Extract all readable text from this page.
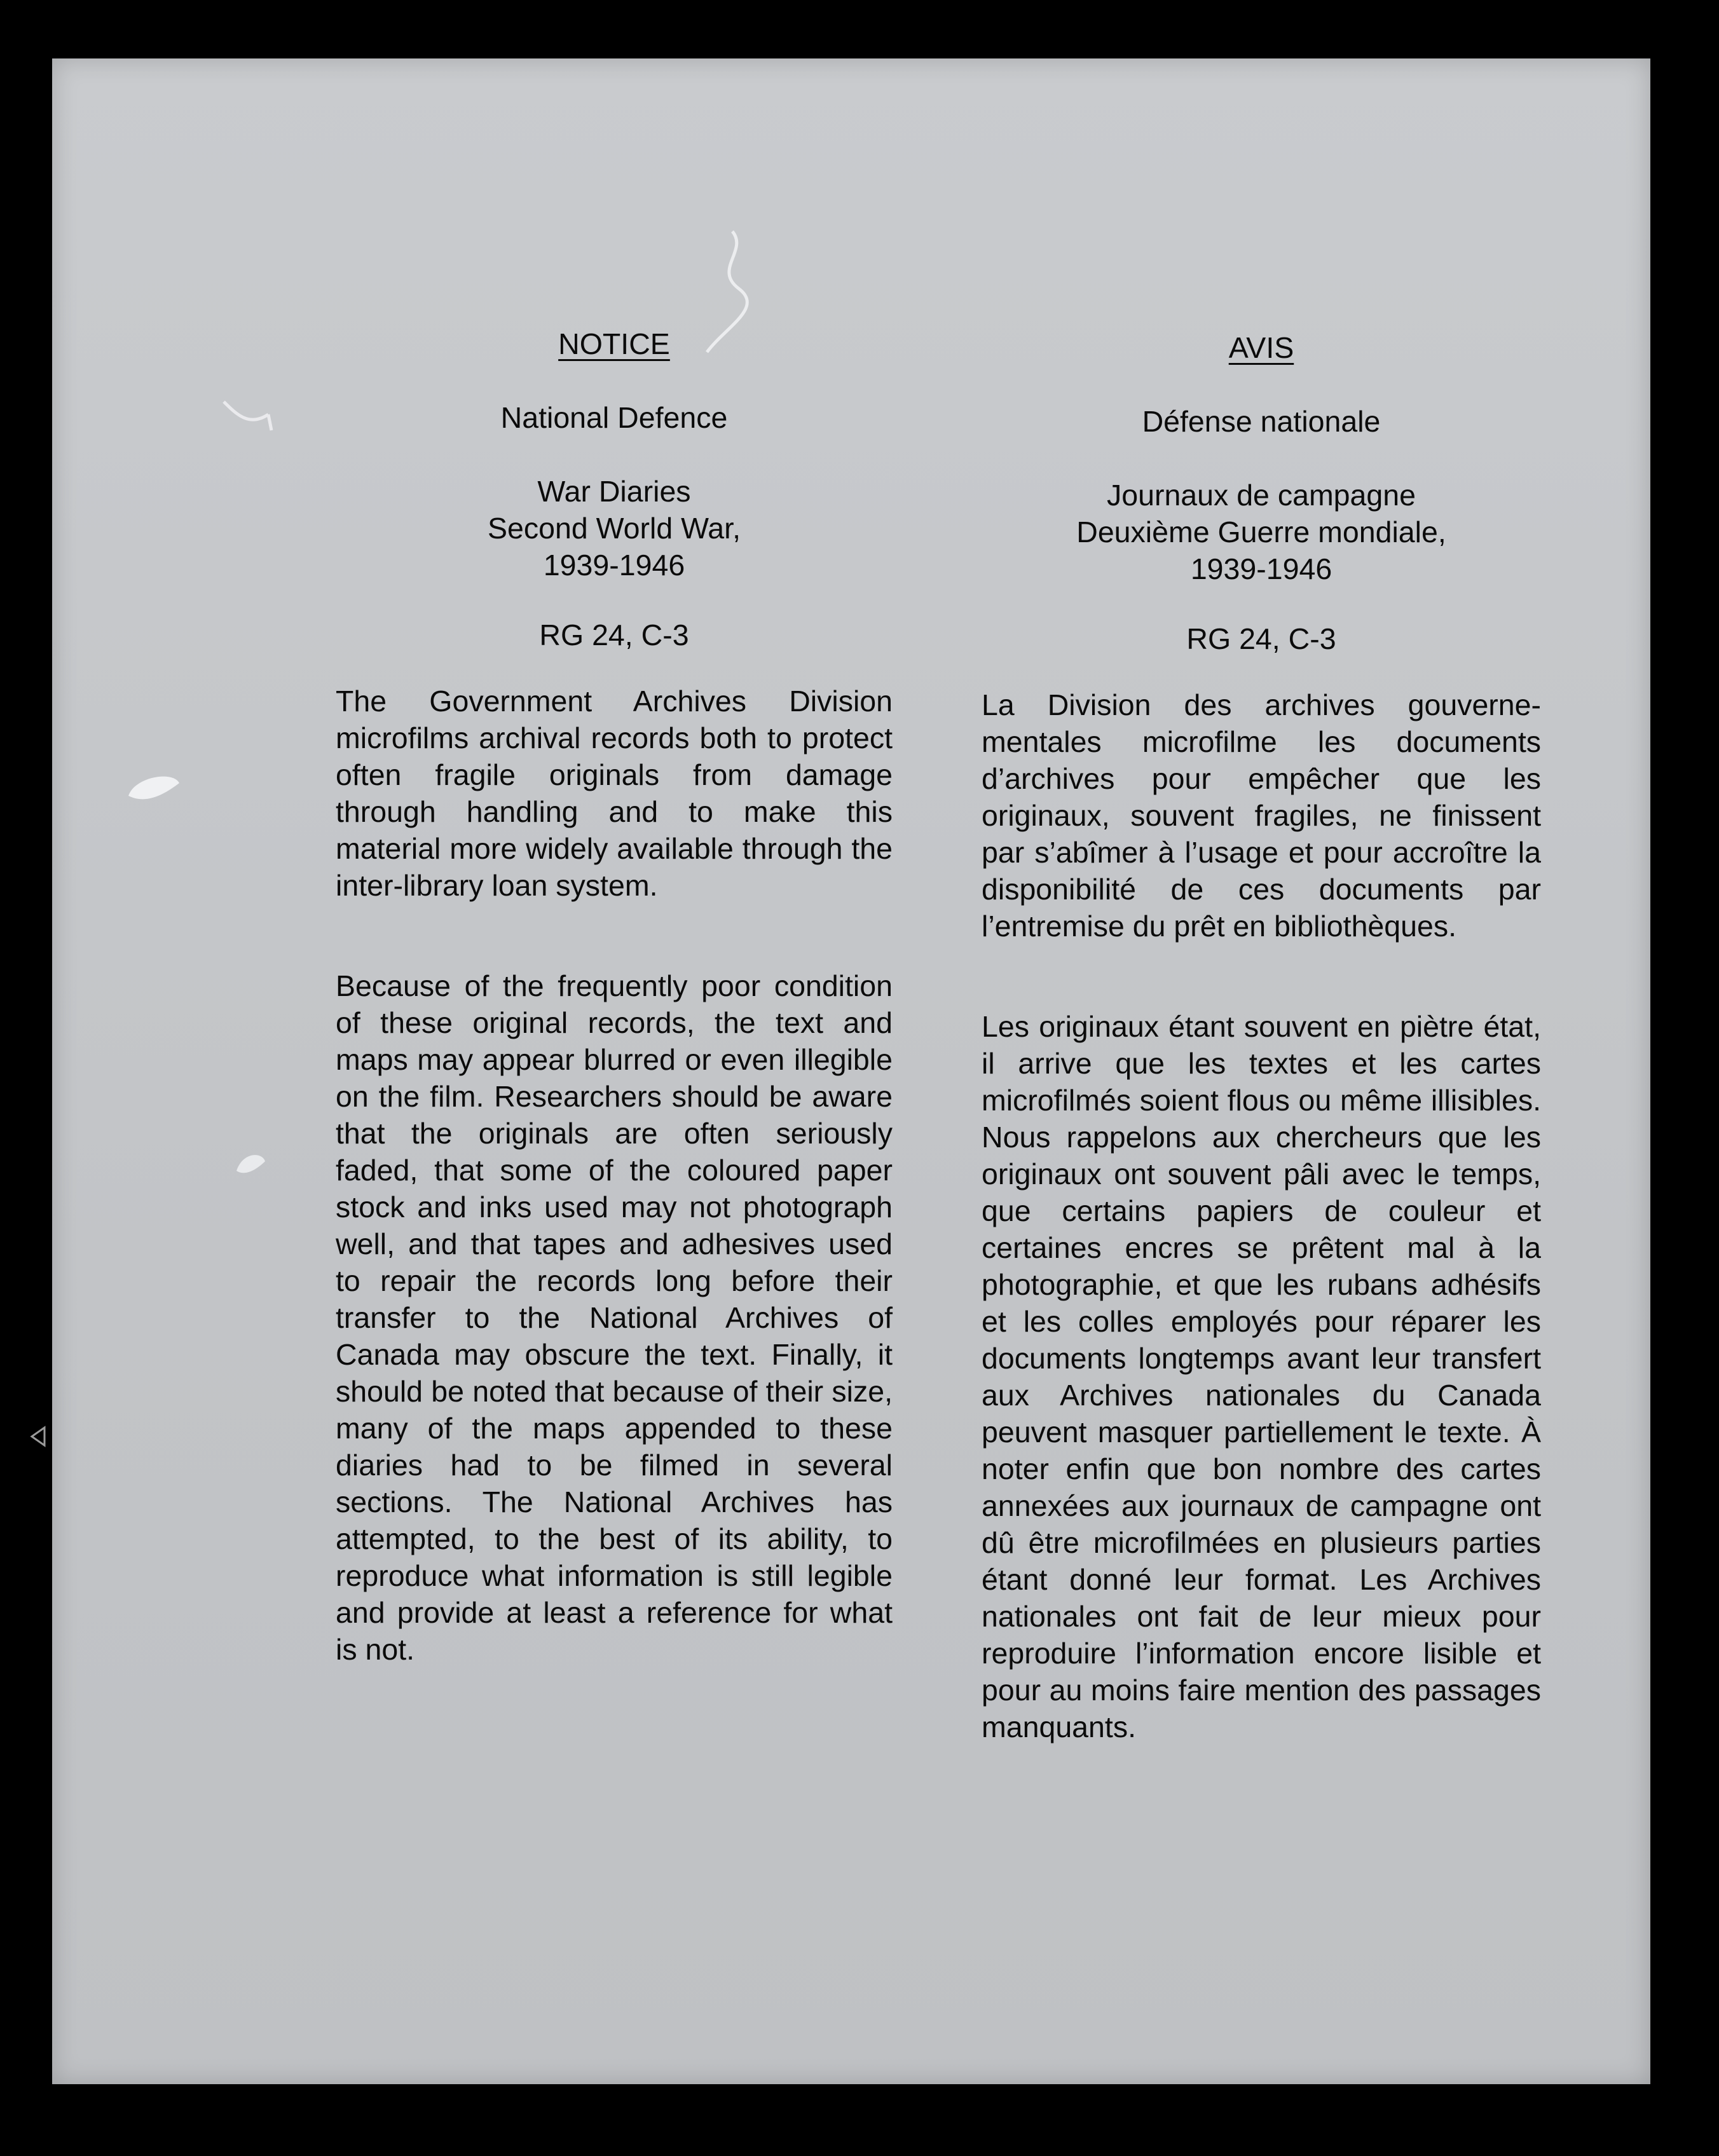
NOTICE

National Defence

War Diaries
Second World War,
1939-1946

RG 24, C-3

The Government Archives Division microfilms archival records both to protect often fragile originals from damage through handling and to make this material more widely available through the inter-library loan system.

Because of the frequently poor condition of these original records, the text and maps may appear blurred or even illegible on the film. Researchers should be aware that the originals are often seriously faded, that some of the coloured paper stock and inks used may not photograph well, and that tapes and adhesives used to repair the records long before their transfer to the National Archives of Canada may obscure the text. Finally, it should be noted that because of their size, many of the maps appended to these diaries had to be filmed in several sections. The National Archives has attempted, to the best of its ability, to reproduce what information is still legible and provide at least a reference for what is not.

AVIS

Défense nationale

Journaux de campagne
Deuxième Guerre mondiale,
1939-1946

RG 24, C-3

La Division des archives gouverne-mentales microfilme les documents d’archives pour empêcher que les originaux, souvent fragiles, ne finissent par s’abîmer à l’usage et pour accroître la disponibilité de ces documents par l’entremise du prêt en bibliothèques.

Les originaux étant souvent en piètre état, il arrive que les textes et les cartes microfilmés soient flous ou même illisibles. Nous rappelons aux chercheurs que les originaux ont souvent pâli avec le temps, que certains papiers de couleur et certaines encres se prêtent mal à la photographie, et que les rubans adhésifs et les colles employés pour réparer les documents longtemps avant leur transfert aux Archives nationales du Canada peuvent masquer partiellement le texte. À noter enfin que bon nombre des cartes annexées aux journaux de campagne ont dû être microfilmées en plusieurs parties étant donné leur format. Les Archives nationales ont fait de leur mieux pour reproduire l’information encore lisible et pour au moins faire mention des passages manquants.
